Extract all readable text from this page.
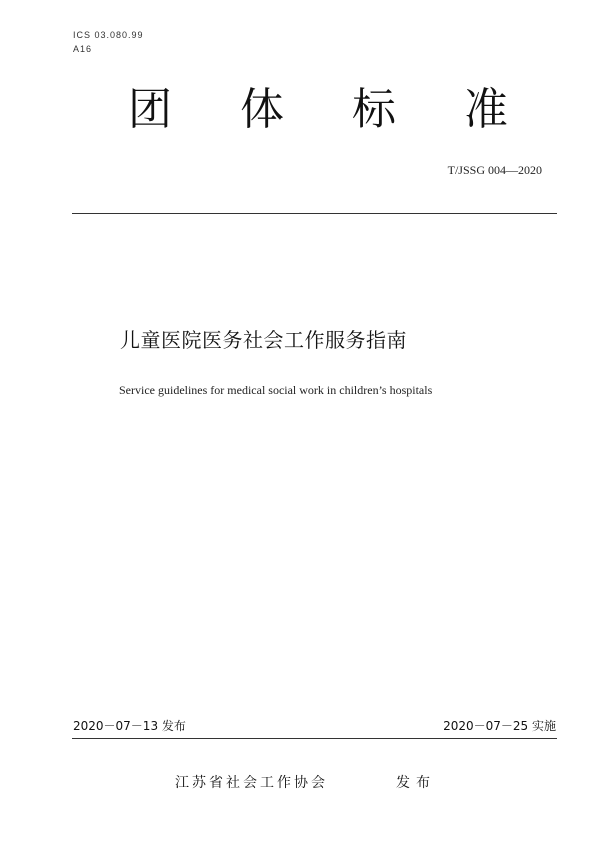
ICS 03.080.99
A16
团 体 标 准
T/JSSG 004—2020
儿童医院医务社会工作服务指南
Service guidelines for medical social work in children’s hospitals
2020－07－13 发布	2020－07－25 实施
江苏省社会工作协会	发布
